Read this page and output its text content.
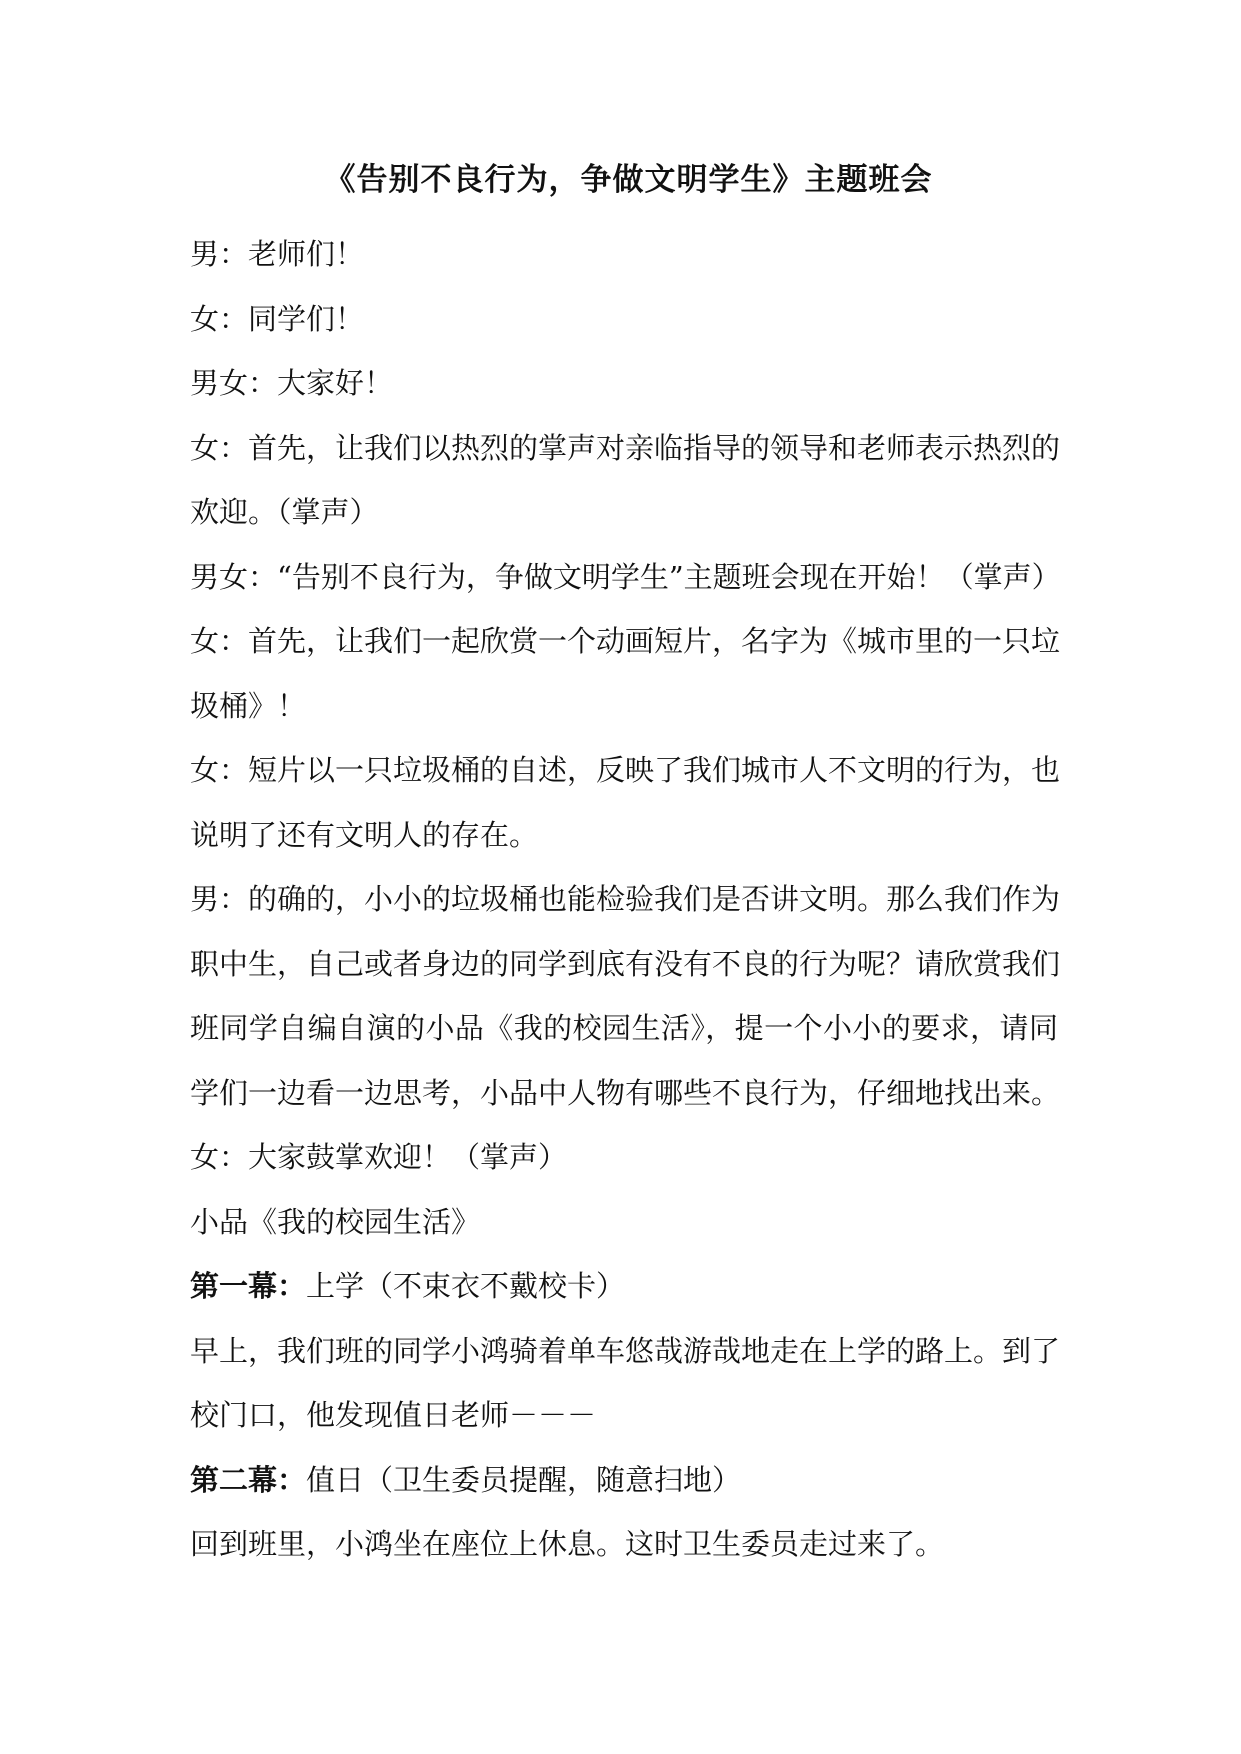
《告别不良行为，争做文明学生》主题班会
男：老师们！
女：同学们！
男女：大家好！
女：首先，让我们以热烈的掌声对亲临指导的领导和老师表示热烈的
欢迎。（掌声）
男女：“告别不良行为，争做文明学生”主题班会现在开始！（掌声）
女：首先，让我们一起欣赏一个动画短片，名字为《城市里的一只垃
圾桶》！
女：短片以一只垃圾桶的自述，反映了我们城市人不文明的行为，也
说明了还有文明人的存在。
男：的确的，小小的垃圾桶也能检验我们是否讲文明。那么我们作为
职中生，自己或者身边的同学到底有没有不良的行为呢？请欣赏我们
班同学自编自演的小品《我的校园生活》，提一个小小的要求，请同
学们一边看一边思考，小品中人物有哪些不良行为，仔细地找出来。
女：大家鼓掌欢迎！（掌声）
小品《我的校园生活》
第一幕：上学（不束衣不戴校卡）
早上，我们班的同学小鸿骑着单车悠哉游哉地走在上学的路上。到了
校门口，他发现值日老师－－－
第二幕：值日（卫生委员提醒，随意扫地）
回到班里，小鸿坐在座位上休息。这时卫生委员走过来了。
